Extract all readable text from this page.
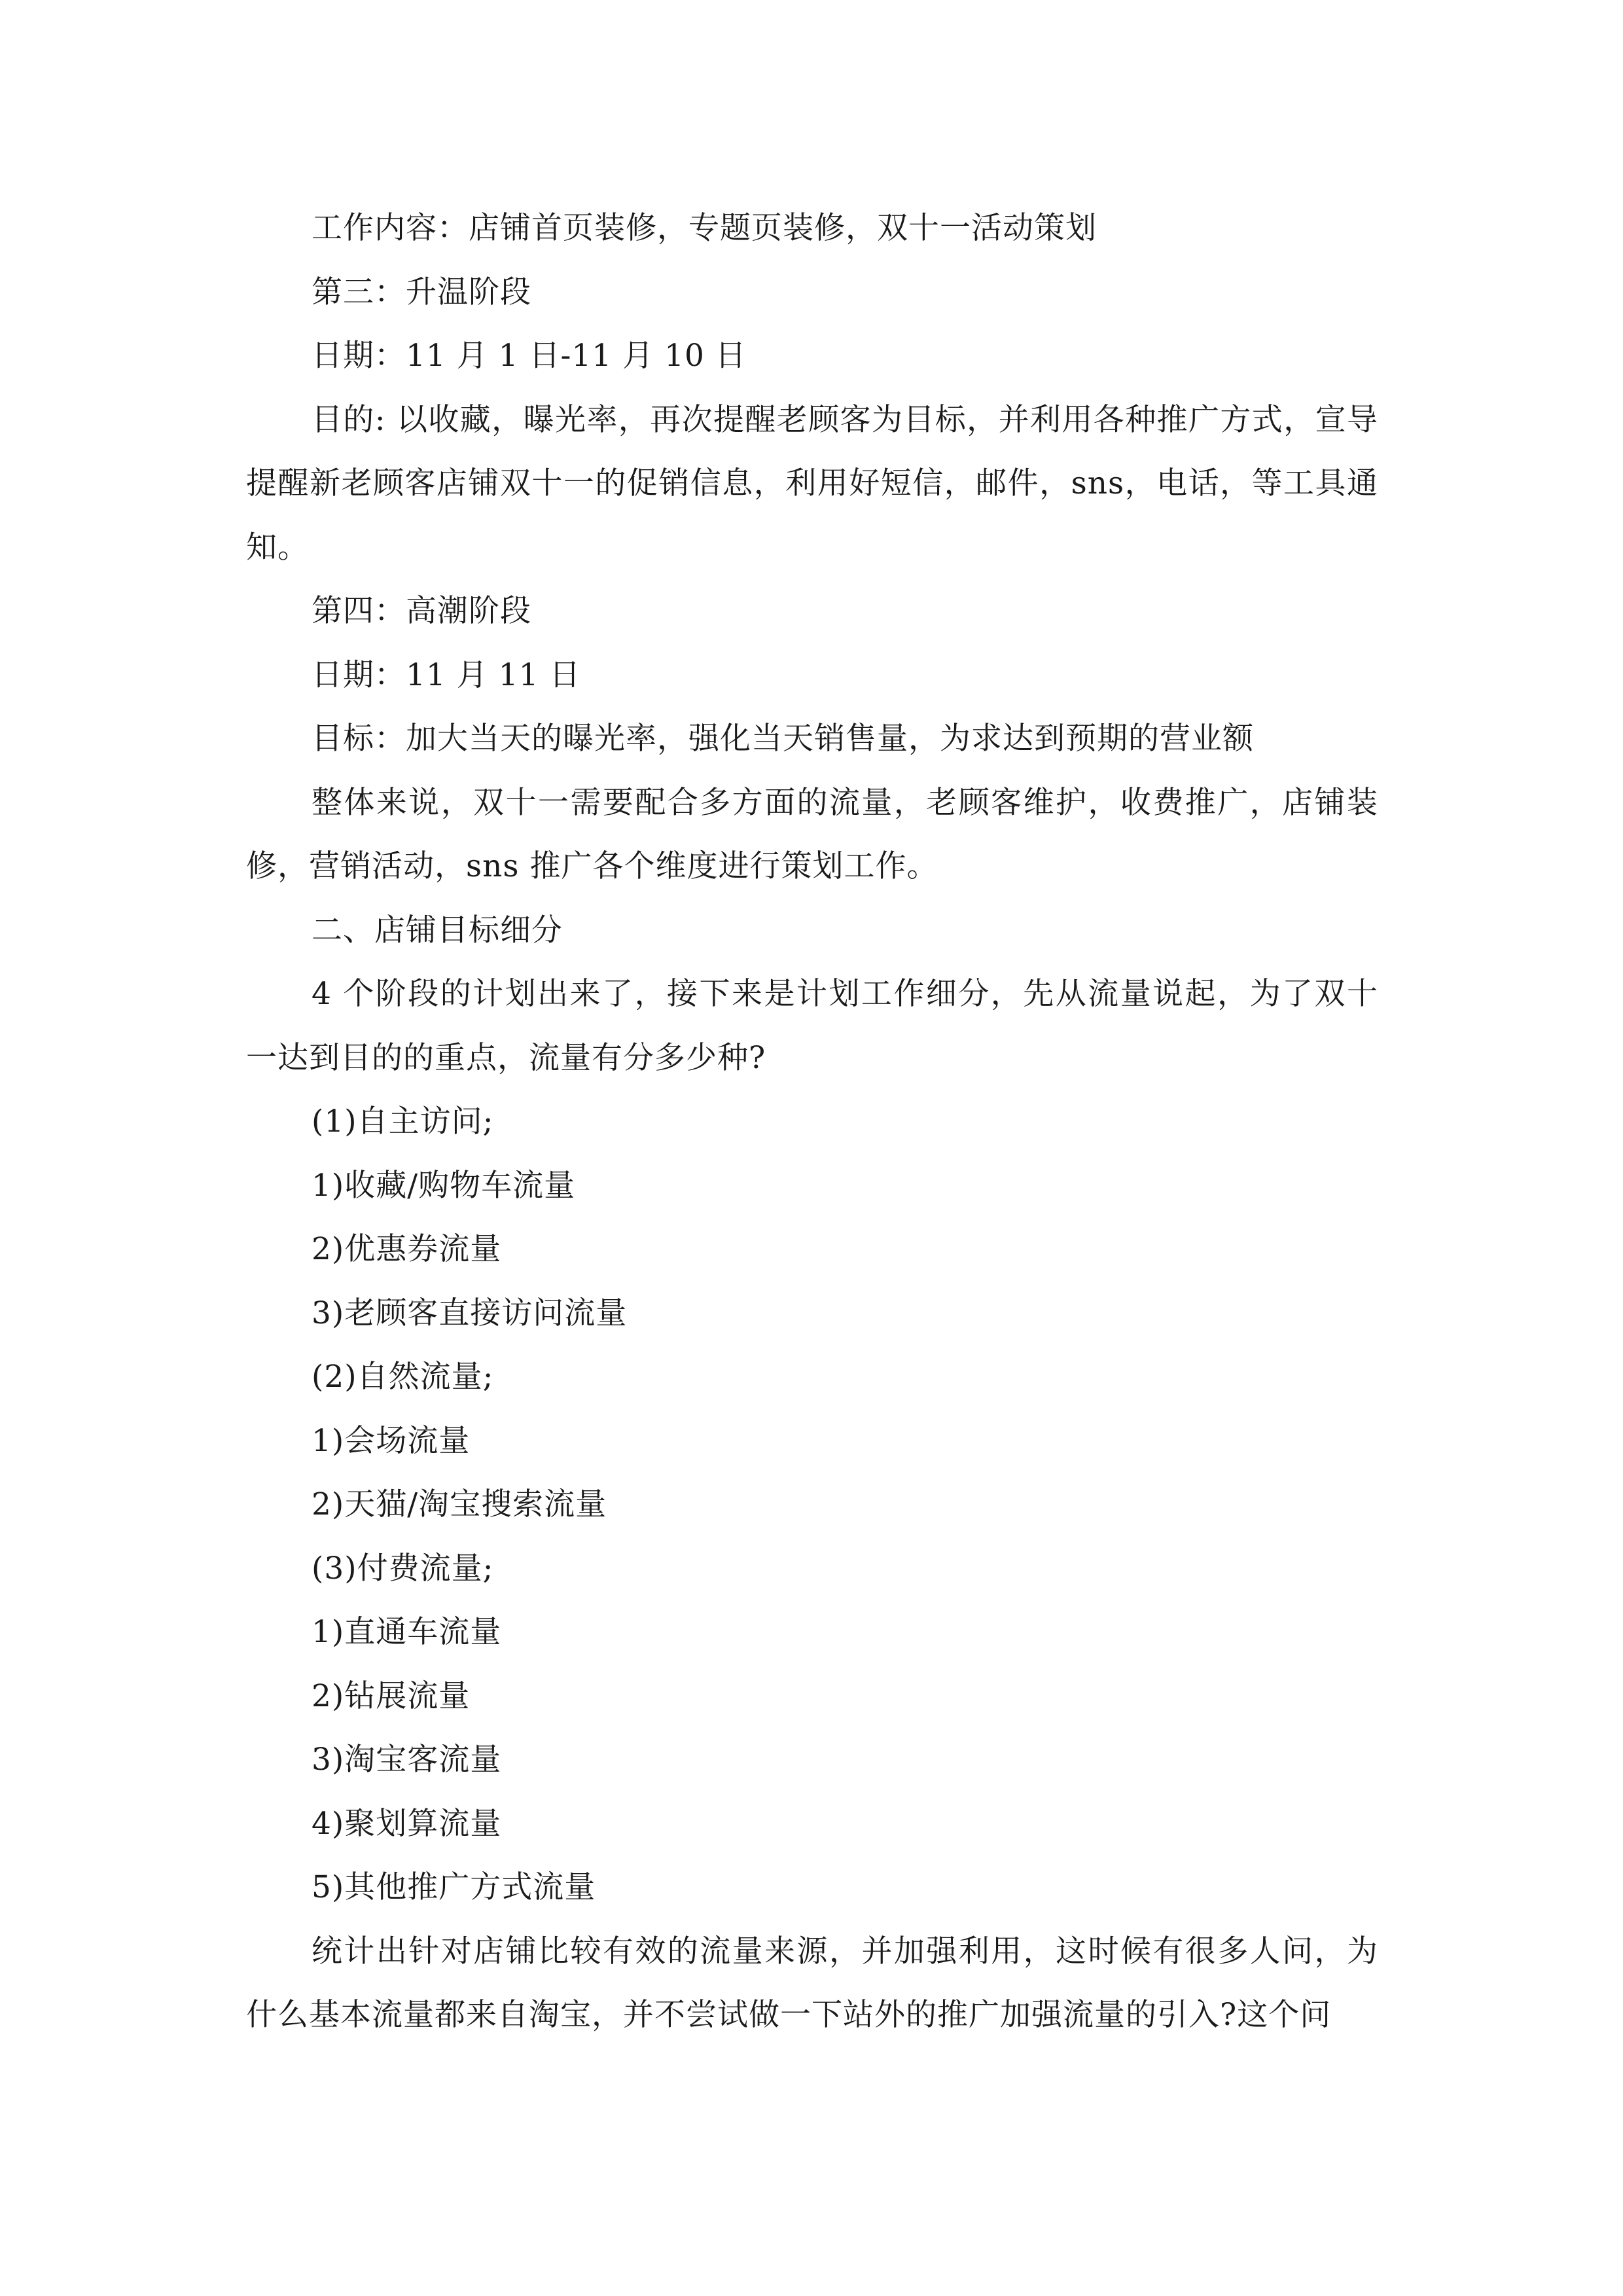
工作内容：店铺首页装修，专题页装修，双十一活动策划

第三：升温阶段

日期：11 月 1 日-11 月 10 日

目的: 以收藏，曝光率，再次提醒老顾客为目标，并利用各种推广方式，宣导提醒新老顾客店铺双十一的促销信息，利用好短信，邮件，sns，电话，等工具通知。

第四：高潮阶段

日期：11 月 11 日

目标：加大当天的曝光率，强化当天销售量，为求达到预期的营业额

整体来说，双十一需要配合多方面的流量，老顾客维护，收费推广，店铺装修，营销活动，sns 推广各个维度进行策划工作。

二、店铺目标细分

4 个阶段的计划出来了，接下来是计划工作细分，先从流量说起，为了双十一达到目的的重点，流量有分多少种?

(1)自主访问;

1)收藏/购物车流量

2)优惠券流量

3)老顾客直接访问流量

(2)自然流量;

1)会场流量

2)天猫/淘宝搜索流量

(3)付费流量;

1)直通车流量

2)钻展流量

3)淘宝客流量

4)聚划算流量

5)其他推广方式流量

统计出针对店铺比较有效的流量来源，并加强利用，这时候有很多人问，为什么基本流量都来自淘宝，并不尝试做一下站外的推广加强流量的引入?这个问
